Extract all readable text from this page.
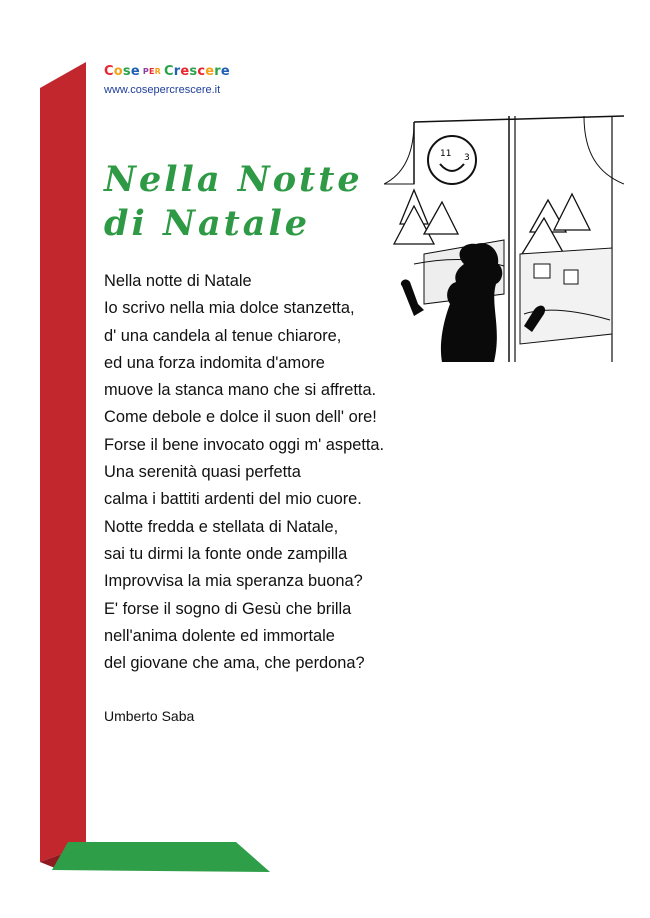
Cose PER Crescere
www.cosepercrescere.it
Nella Notte
di Natale
11 3
Nella notte di Natale
Io scrivo nella mia dolce stanzetta,
d' una candela al tenue chiarore,
ed una forza indomita d'amore
muove la stanca mano che si affretta.
Come debole e dolce il suon dell' ore!
Forse il bene invocato oggi m' aspetta.
Una serenità quasi perfetta
calma i battiti ardenti del mio cuore.
Notte fredda e stellata di Natale,
sai tu dirmi la fonte onde zampilla
Improvvisa la mia speranza buona?
E' forse il sogno di Gesù che brilla
nell'anima dolente ed immortale
del giovane che ama, che perdona?
Umberto Saba
